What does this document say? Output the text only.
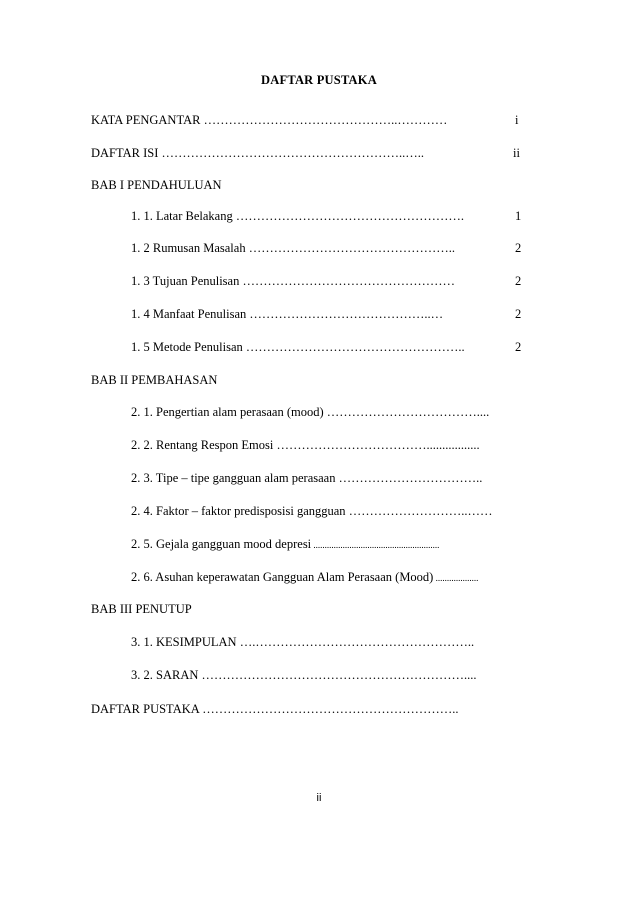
DAFTAR PUSTAKA
KATA PENGANTAR ………………………………………..…………	i
DAFTAR ISI …………………………………………………..…..	ii
BAB I PENDAHULUAN
1. 1. Latar Belakang ……………………………………………….	1
1. 2 Rumusan Masalah …………………………………………..	2
1. 3 Tujuan Penulisan ……………………………………………	2
1. 4 Manfaat Penulisan ……………………………………..…	2
1. 5 Metode Penulisan ……………………………………………..	2
BAB II PEMBAHASAN
2. 1. Pengertian alam perasaan (mood) ………………………………....
2. 2. Rentang Respon Emosi ……………………………….................
2. 3. Tipe – tipe gangguan alam perasaan ……………………………..
2. 4. Faktor – faktor predisposisi gangguan ………………………..……
2. 5. Gejala gangguan mood depresi ........................................................
2. 6. Asuhan keperawatan Gangguan Alam Perasaan (Mood) ...................
BAB III PENUTUP
3. 1. KESIMPULAN ….……………………………………………..
3. 2. SARAN ………………………………………………………....
DAFTAR PUSTAKA ……………………………………………………..
ii
